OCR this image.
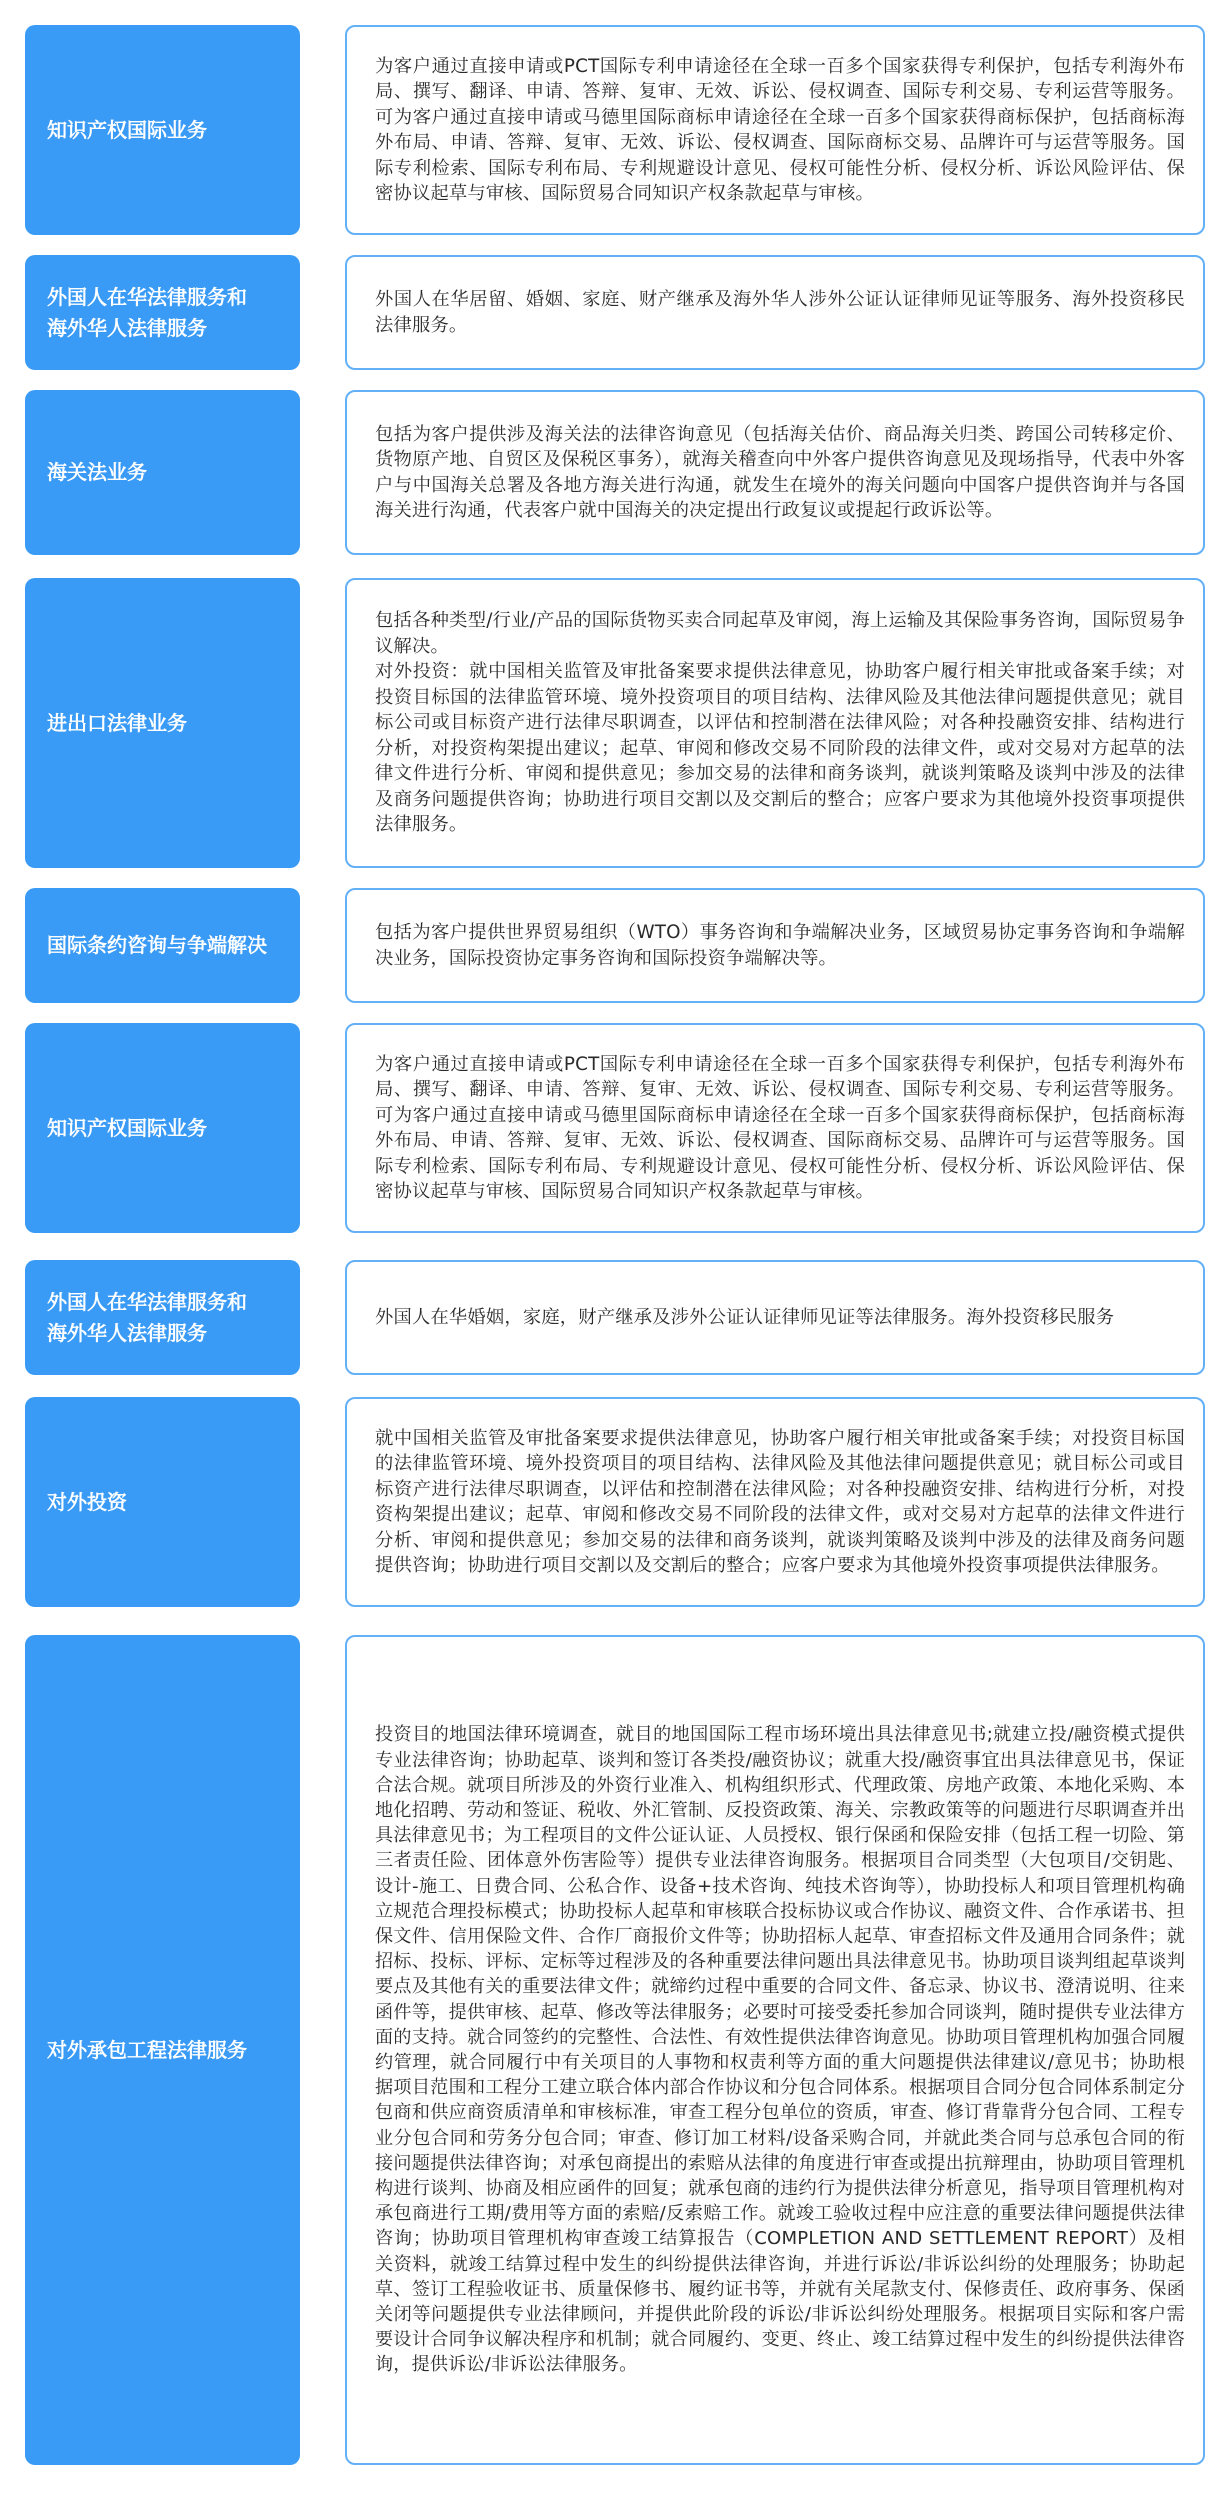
知识产权国际业务
为客户通过直接申请或PCT国际专利申请途径在全球一百多个国家获得专利保护，包括专利海外布局、撰写、翻译、申请、答辩、复审、无效、诉讼、侵权调查、国际专利交易、专利运营等服务。可为客户通过直接申请或马德里国际商标申请途径在全球一百多个国家获得商标保护，包括商标海外布局、申请、答辩、复审、无效、诉讼、侵权调查、国际商标交易、品牌许可与运营等服务。国际专利检索、国际专利布局、专利规避设计意见、侵权可能性分析、侵权分析、诉讼风险评估、保密协议起草与审核、国际贸易合同知识产权条款起草与审核。
外国人在华法律服务和
海外华人法律服务
外国人在华居留、婚姻、家庭、财产继承及海外华人涉外公证认证律师见证等服务、海外投资移民法律服务。
海关法业务
包括为客户提供涉及海关法的法律咨询意见（包括海关估价、商品海关归类、跨国公司转移定价、货物原产地、自贸区及保税区事务），就海关稽查向中外客户提供咨询意见及现场指导，代表中外客户与中国海关总署及各地方海关进行沟通，就发生在境外的海关问题向中国客户提供咨询并与各国海关进行沟通，代表客户就中国海关的决定提出行政复议或提起行政诉讼等。
进出口法律业务
包括各种类型/行业/产品的国际货物买卖合同起草及审阅，海上运输及其保险事务咨询，国际贸易争议解决。
对外投资：就中国相关监管及审批备案要求提供法律意见，协助客户履行相关审批或备案手续；对投资目标国的法律监管环境、境外投资项目的项目结构、法律风险及其他法律问题提供意见；就目标公司或目标资产进行法律尽职调查，以评估和控制潜在法律风险；对各种投融资安排、结构进行分析，对投资构架提出建议；起草、审阅和修改交易不同阶段的法律文件，或对交易对方起草的法律文件进行分析、审阅和提供意见；参加交易的法律和商务谈判，就谈判策略及谈判中涉及的法律及商务问题提供咨询；协助进行项目交割以及交割后的整合；应客户要求为其他境外投资事项提供法律服务。
国际条约咨询与争端解决
包括为客户提供世界贸易组织（WTO）事务咨询和争端解决业务，区域贸易协定事务咨询和争端解决业务，国际投资协定事务咨询和国际投资争端解决等。
知识产权国际业务
为客户通过直接申请或PCT国际专利申请途径在全球一百多个国家获得专利保护，包括专利海外布局、撰写、翻译、申请、答辩、复审、无效、诉讼、侵权调查、国际专利交易、专利运营等服务。可为客户通过直接申请或马德里国际商标申请途径在全球一百多个国家获得商标保护，包括商标海外布局、申请、答辩、复审、无效、诉讼、侵权调查、国际商标交易、品牌许可与运营等服务。国际专利检索、国际专利布局、专利规避设计意见、侵权可能性分析、侵权分析、诉讼风险评估、保密协议起草与审核、国际贸易合同知识产权条款起草与审核。
外国人在华法律服务和
海外华人法律服务
外国人在华婚姻，家庭，财产继承及涉外公证认证律师见证等法律服务。海外投资移民服务
对外投资
就中国相关监管及审批备案要求提供法律意见，协助客户履行相关审批或备案手续；对投资目标国的法律监管环境、境外投资项目的项目结构、法律风险及其他法律问题提供意见；就目标公司或目标资产进行法律尽职调查，以评估和控制潜在法律风险；对各种投融资安排、结构进行分析，对投资构架提出建议；起草、审阅和修改交易不同阶段的法律文件，或对交易对方起草的法律文件进行分析、审阅和提供意见；参加交易的法律和商务谈判，就谈判策略及谈判中涉及的法律及商务问题提供咨询；协助进行项目交割以及交割后的整合；应客户要求为其他境外投资事项提供法律服务。
对外承包工程法律服务
投资目的地国法律环境调查，就目的地国国际工程市场环境出具法律意见书;就建立投/融资模式提供专业法律咨询；协助起草、谈判和签订各类投/融资协议；就重大投/融资事宜出具法律意见书，保证合法合规。就项目所涉及的外资行业准入、机构组织形式、代理政策、房地产政策、本地化采购、本地化招聘、劳动和签证、税收、外汇管制、反投资政策、海关、宗教政策等的问题进行尽职调查并出具法律意见书；为工程项目的文件公证认证、人员授权、银行保函和保险安排（包括工程一切险、第三者责任险、团体意外伤害险等）提供专业法律咨询服务。根据项目合同类型（大包项目/交钥匙、设计-施工、日费合同、公私合作、设备+技术咨询、纯技术咨询等），协助投标人和项目管理机构确立规范合理投标模式；协助投标人起草和审核联合投标协议或合作协议、融资文件、合作承诺书、担保文件、信用保险文件、合作厂商报价文件等；协助招标人起草、审查招标文件及通用合同条件；就招标、投标、评标、定标等过程涉及的各种重要法律问题出具法律意见书。协助项目谈判组起草谈判要点及其他有关的重要法律文件；就缔约过程中重要的合同文件、备忘录、协议书、澄清说明、往来函件等，提供审核、起草、修改等法律服务；必要时可接受委托参加合同谈判，随时提供专业法律方面的支持。就合同签约的完整性、合法性、有效性提供法律咨询意见。协助项目管理机构加强合同履约管理，就合同履行中有关项目的人事物和权责利等方面的重大问题提供法律建议/意见书；协助根据项目范围和工程分工建立联合体内部合作协议和分包合同体系。根据项目合同分包合同体系制定分包商和供应商资质清单和审核标准，审查工程分包单位的资质，审查、修订背靠背分包合同、工程专业分包合同和劳务分包合同；审查、修订加工材料/设备采购合同，并就此类合同与总承包合同的衔接问题提供法律咨询；对承包商提出的索赔从法律的角度进行审查或提出抗辩理由，协助项目管理机构进行谈判、协商及相应函件的回复；就承包商的违约行为提供法律分析意见，指导项目管理机构对承包商进行工期/费用等方面的索赔/反索赔工作。就竣工验收过程中应注意的重要法律问题提供法律咨询；协助项目管理机构审查竣工结算报告（COMPLETION AND SETTLEMENT REPORT）及相关资料，就竣工结算过程中发生的纠纷提供法律咨询，并进行诉讼/非诉讼纠纷的处理服务；协助起草、签订工程验收证书、质量保修书、履约证书等，并就有关尾款支付、保修责任、政府事务、保函关闭等问题提供专业法律顾问，并提供此阶段的诉讼/非诉讼纠纷处理服务。根据项目实际和客户需要设计合同争议解决程序和机制；就合同履约、变更、终止、竣工结算过程中发生的纠纷提供法律咨询，提供诉讼/非诉讼法律服务。
